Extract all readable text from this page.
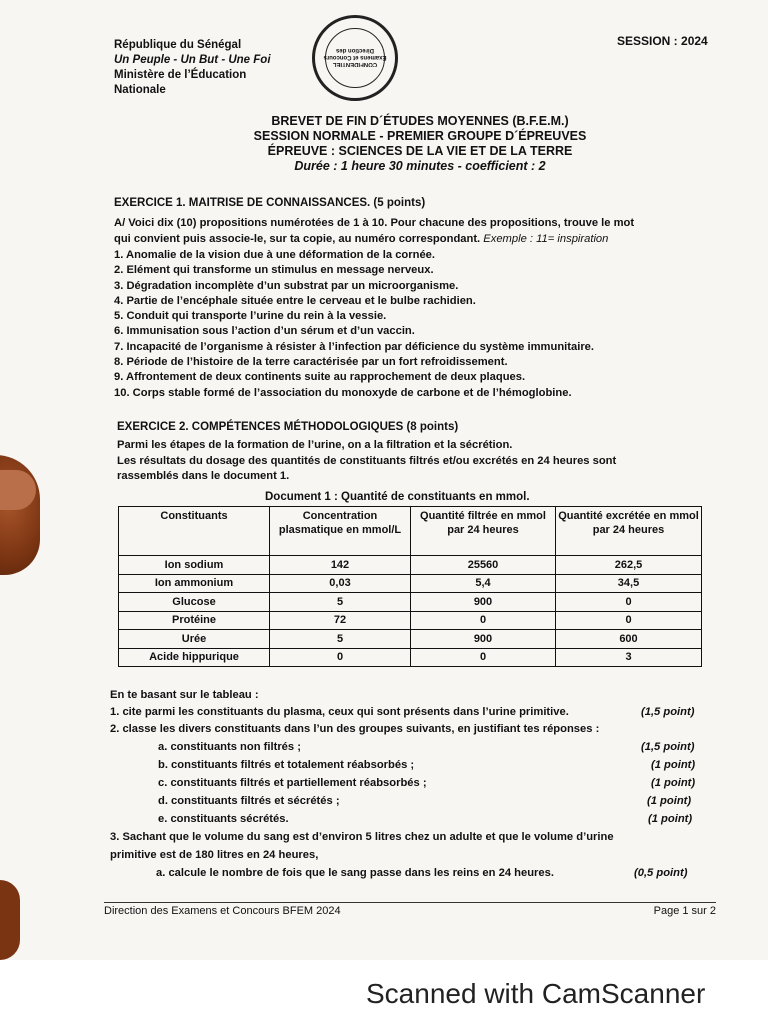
République du Sénégal
Un Peuple - Un But - Une Foi
Ministère de l’Éducation
Nationale
CONFIDENTIEL
Examens et Concours
Direction des
SESSION : 2024
BREVET DE FIN D´ÉTUDES MOYENNES (B.F.E.M.)
SESSION NORMALE - PREMIER GROUPE D´ÉPREUVES
ÉPREUVE : SCIENCES DE LA VIE ET DE LA TERRE
Durée : 1 heure 30 minutes - coefficient : 2
EXERCICE 1. MAITRISE DE CONNAISSANCES. (5 points)
A/ Voici dix (10) propositions numérotées de 1 à 10. Pour chacune des propositions, trouve le mot
qui convient puis associe-le, sur ta copie, au numéro correspondant. Exemple : 11= inspiration
1. Anomalie de la vision due à une déformation de la cornée.
2. Elément qui transforme un stimulus en message nerveux.
3. Dégradation incomplète d’un substrat par un microorganisme.
4. Partie de l’encéphale située entre le cerveau et le bulbe rachidien.
5. Conduit qui transporte l’urine du rein à la vessie.
6. Immunisation sous l’action d’un sérum et d’un vaccin.
7. Incapacité de l’organisme à résister à l’infection par déficience du système immunitaire.
8. Période de l’histoire de la terre caractérisée par un fort refroidissement.
9. Affrontement de deux continents suite au rapprochement de deux plaques.
10. Corps stable formé de l’association du monoxyde de carbone et de l’hémoglobine.
EXERCICE 2. COMPÉTENCES MÉTHODOLOGIQUES (8 points)
Parmi les étapes de la formation de l’urine, on a la filtration et la sécrétion.
Les résultats du dosage des quantités de constituants filtrés et/ou excrétés en 24 heures sont
rassemblés dans le document 1.
Document 1 : Quantité de constituants en mmol.
Constituants	Concentration plasmatique en mmol/L	Quantité filtrée en mmol par 24 heures	Quantité excrétée en mmol par 24 heures
Ion sodium	142	25560	262,5
Ion ammonium	0,03	5,4	34,5
Glucose	5	900	0
Protéine	72	0	0
Urée	5	900	600
Acide hippurique	0	0	3
En te basant sur le tableau :
1. cite parmi les constituants du plasma, ceux qui sont présents dans l’urine primitive.	(1,5 point)
2. classe les divers constituants dans l’un des groupes suivants, en justifiant tes réponses :
a. constituants non filtrés ;	(1,5 point)
b. constituants filtrés et totalement réabsorbés ;	(1 point)
c. constituants filtrés et partiellement réabsorbés ;	(1 point)
d. constituants filtrés et sécrétés ;	(1 point)
e. constituants sécrétés.	(1 point)
3. Sachant que le volume du sang est d’environ 5 litres chez un adulte et que le volume d’urine
primitive est de 180 litres en 24 heures,
a. calcule le nombre de fois que le sang passe dans les reins en 24 heures.	(0,5 point)
Direction des Examens et Concours BFEM 2024	Page 1 sur 2
Scanned with CamScanner
